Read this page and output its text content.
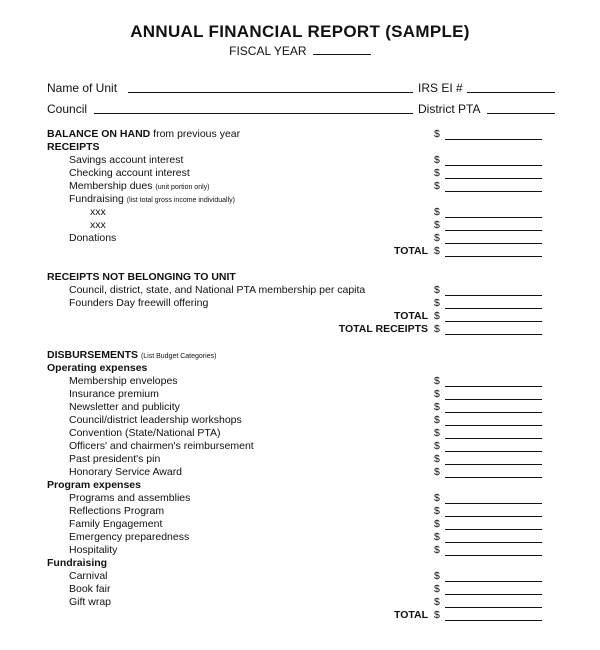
ANNUAL FINANCIAL REPORT (SAMPLE)
FISCAL YEAR
Name of Unit	IRS EI #
Council	District PTA
BALANCE ON HAND from previous year	$
RECEIPTS
Savings account interest	$
Checking account interest	$
Membership dues (unit portion only)	$
Fundraising (list total gross income individually)
xxx	$
xxx	$
Donations	$
TOTAL $
RECEIPTS NOT BELONGING TO UNIT
Council, district, state, and National PTA membership per capita	$
Founders Day freewill offering	$
TOTAL $
TOTAL RECEIPTS $
DISBURSEMENTS (List Budget Categories)
Operating expenses
Membership envelopes	$
Insurance premium	$
Newsletter and publicity	$
Council/district leadership workshops	$
Convention (State/National PTA)	$
Officers' and chairmen's reimbursement	$
Past president's pin	$
Honorary Service Award	$
Program expenses
Programs and assemblies	$
Reflections Program	$
Family Engagement	$
Emergency preparedness	$
Hospitality	$
Fundraising
Carnival	$
Book fair	$
Gift wrap	$
TOTAL $
